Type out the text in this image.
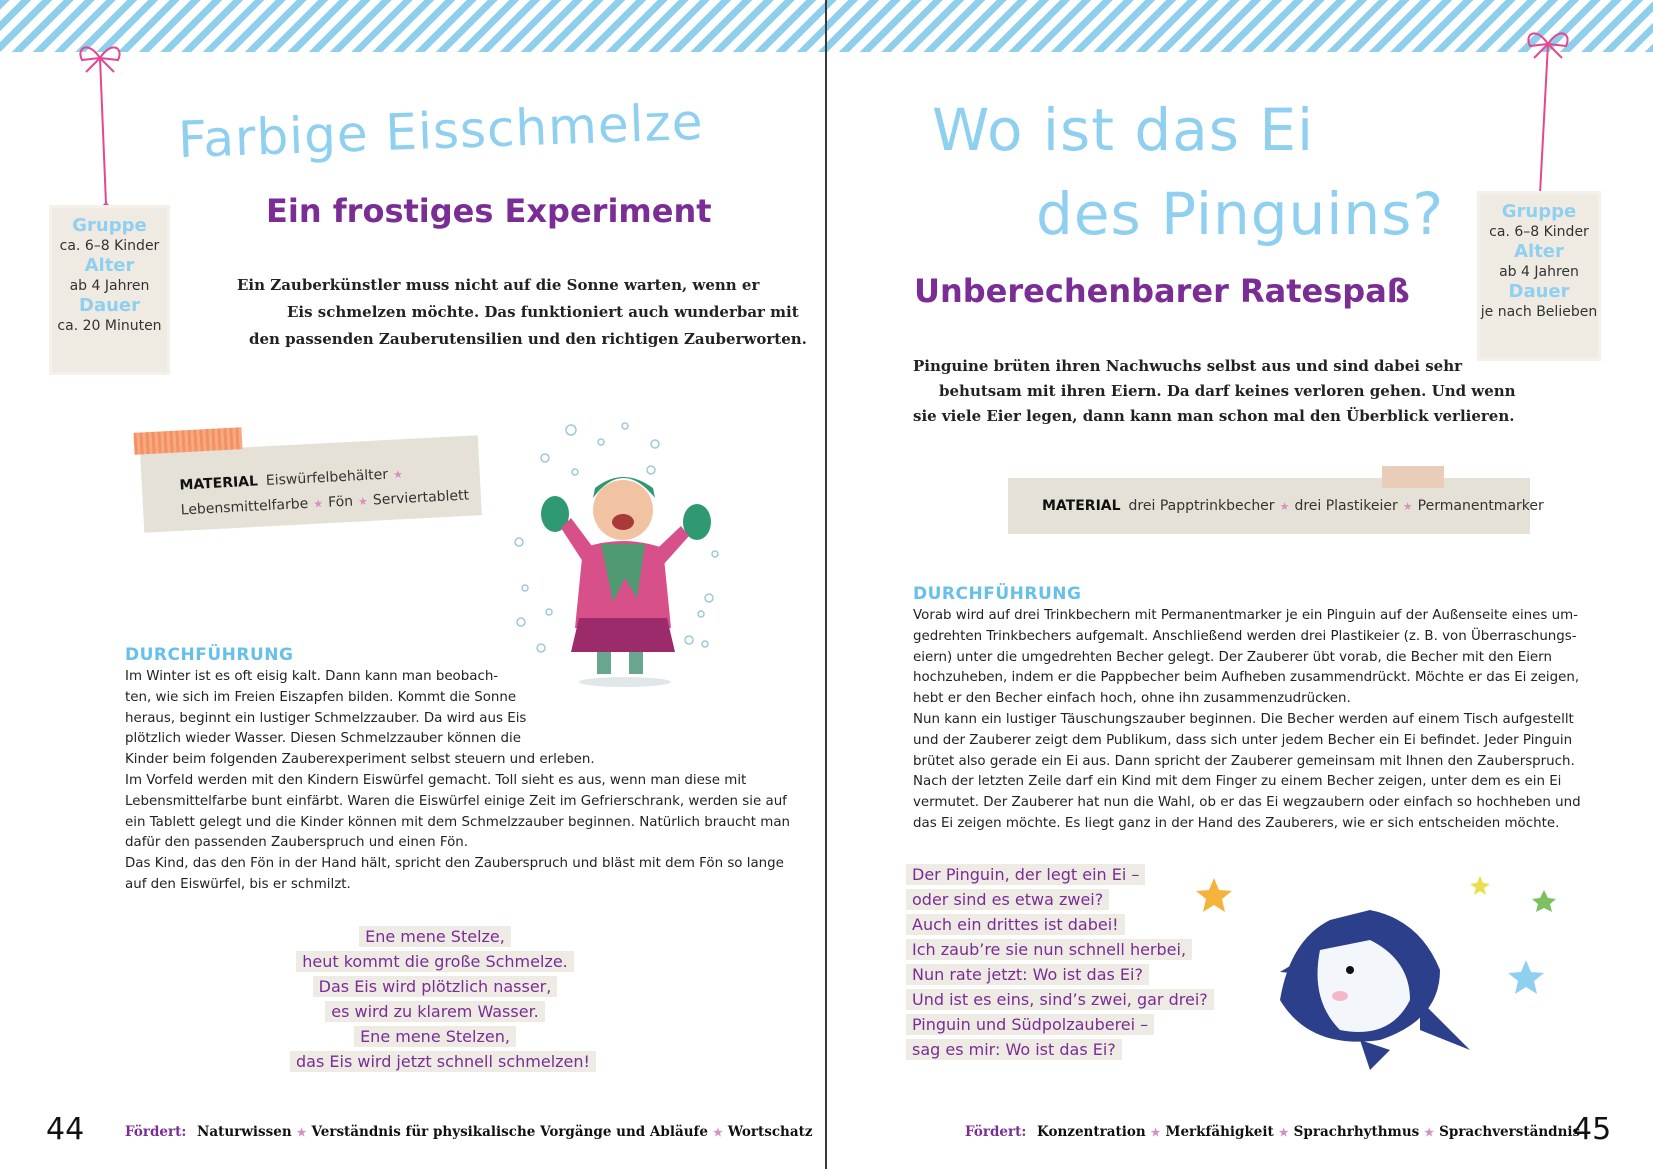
Gruppe
ca. 6–8 Kinder
Alter
ab 4 Jahren
Dauer
ca. 20 Minuten
Farbige Eisschmelze
Ein frostiges Experiment
Ein Zauberkünstler muss nicht auf die Sonne warten, wenn er
Eis schmelzen möchte. Das funktioniert auch wunderbar mit
den passenden Zauberutensilien und den richtigen Zauberworten.
MATERIAL Eiswürfelbehälter ★
Lebensmittelfarbe ★ Fön ★ Serviertablett
DURCHFÜHRUNG
Im Winter ist es oft eisig kalt. Dann kann man beobach-
ten, wie sich im Freien Eiszapfen bilden. Kommt die Sonne
heraus, beginnt ein lustiger Schmelzzauber. Da wird aus Eis
plötzlich wieder Wasser. Diesen Schmelzzauber können die
Kinder beim folgenden Zauberexperiment selbst steuern und erleben.
Im Vorfeld werden mit den Kindern Eiswürfel gemacht. Toll sieht es aus, wenn man diese mit
Lebensmittelfarbe bunt einfärbt. Waren die Eiswürfel einige Zeit im Gefrierschrank, werden sie auf
ein Tablett gelegt und die Kinder können mit dem Schmelzzauber beginnen. Natürlich braucht man
dafür den passenden Zauberspruch und einen Fön.
Das Kind, das den Fön in der Hand hält, spricht den Zauberspruch und bläst mit dem Fön so lange
auf den Eiswürfel, bis er schmilzt.
Ene mene Stelze,
heut kommt die große Schmelze.
Das Eis wird plötzlich nasser,
es wird zu klarem Wasser.
Ene mene Stelzen,
das Eis wird jetzt schnell schmelzen!
44	Fördert: Naturwissen ★ Verständnis für physikalische Vorgänge und Abläufe ★ Wortschatz
Gruppe
ca. 6–8 Kinder
Alter
ab 4 Jahren
Dauer
je nach Belieben
Wo ist das Ei
des Pinguins?
Unberechenbarer Ratespaß
Pinguine brüten ihren Nachwuchs selbst aus und sind dabei sehr
behutsam mit ihren Eiern. Da darf keines verloren gehen. Und wenn
sie viele Eier legen, dann kann man schon mal den Überblick verlieren.
MATERIAL drei Papptrinkbecher ★ drei Plastikeier ★ Permanentmarker
DURCHFÜHRUNG
Vorab wird auf drei Trinkbechern mit Permanentmarker je ein Pinguin auf der Außenseite eines um-
gedrehten Trinkbechers aufgemalt. Anschließend werden drei Plastikeier (z. B. von Überraschungs-
eiern) unter die umgedrehten Becher gelegt. Der Zauberer übt vorab, die Becher mit den Eiern
hochzuheben, indem er die Pappbecher beim Aufheben zusammendrückt. Möchte er das Ei zeigen,
hebt er den Becher einfach hoch, ohne ihn zusammenzudrücken.
Nun kann ein lustiger Täuschungszauber beginnen. Die Becher werden auf einem Tisch aufgestellt
und der Zauberer zeigt dem Publikum, dass sich unter jedem Becher ein Ei befindet. Jeder Pinguin
brütet also gerade ein Ei aus. Dann spricht der Zauberer gemeinsam mit Ihnen den Zauberspruch.
Nach der letzten Zeile darf ein Kind mit dem Finger zu einem Becher zeigen, unter dem es ein Ei
vermutet. Der Zauberer hat nun die Wahl, ob er das Ei wegzaubern oder einfach so hochheben und
das Ei zeigen möchte. Es liegt ganz in der Hand des Zauberers, wie er sich entscheiden möchte.
Der Pinguin, der legt ein Ei –
oder sind es etwa zwei?
Auch ein drittes ist dabei!
Ich zaub’re sie nun schnell herbei,
Nun rate jetzt: Wo ist das Ei?
Und ist es eins, sind’s zwei, gar drei?
Pinguin und Südpolzauberei –
sag es mir: Wo ist das Ei?
45
Fördert: Konzentration ★ Merkfähigkeit ★ Sprachrhythmus ★ Sprachverständnis
